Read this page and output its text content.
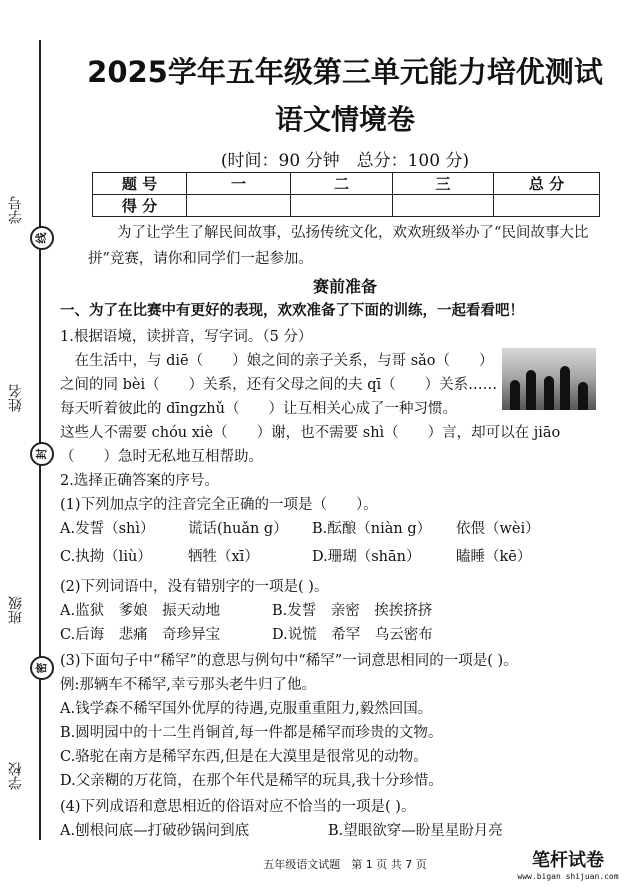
学号
姓名
班级
学校
线
封
密
2025学年五年级第三单元能力培优测试
语文情境卷
(时间：90 分钟　总分：100 分)
题 号	一	二	三	总 分
得 分				
　　为了让学生了解民间故事，弘扬传统文化，欢欢班级举办了“民间故事大比拼”竞赛，请你和同学们一起参加。
赛前准备
一、为了在比赛中有更好的表现，欢欢准备了下面的训练，一起看看吧！
1.根据语境，读拼音，写字词。（5 分）
　在生活中，与 diē（　　）娘之间的亲子关系，与哥 sǎo（　　）
之间的同 bèi（　　）关系，还有父母之间的夫 qī（　　）关系……
每天听着彼此的 dīngzhǔ（　　）让互相关心成了一种习惯。
这些人不需要 chóu xiè（　　）谢，也不需要 shì（　　）言，却可以在 jiāo
（　　）急时无私地互相帮助。
2.选择正确答案的序号。
(1)下列加点字的注音完全正确的一项是（　　）。
A.发誓（shì） 谎话(huǎn g） B.酝酿（niàn g） 依偎（wèi）
C.执拗（liù） 牺牲（xī）	D.珊瑚（shān） 瞌睡（kē）
(2)下列词语中，没有错别字的一项是( )。
A.监狱　爹娘　振天动地	B.发誓　亲密　挨挨挤挤
C.后诲　悲痛　奇珍异宝	D.说慌　希罕　乌云密布
(3)下面句子中“稀罕”的意思与例句中“稀罕”一词意思相同的一项是( )。
例:那辆车不稀罕,幸亏那头老牛归了他。
A.钱学森不稀罕国外优厚的待遇,克服重重阻力,毅然回国。
B.圆明园中的十二生肖铜首,每一件都是稀罕而珍贵的文物。
C.骆驼在南方是稀罕东西,但是在大漠里是很常见的动物。
D.父亲糊的万花筒，在那个年代是稀罕的玩具,我十分珍惜。
(4)下列成语和意思相近的俗语对应不恰当的一项是( )。
A.刨根问底—打破砂锅问到底	B.望眼欲穿—盼星星盼月亮
五年级语文试题　第 1 页 共 7 页	笔杆试卷
www.bigan shijuan.com
